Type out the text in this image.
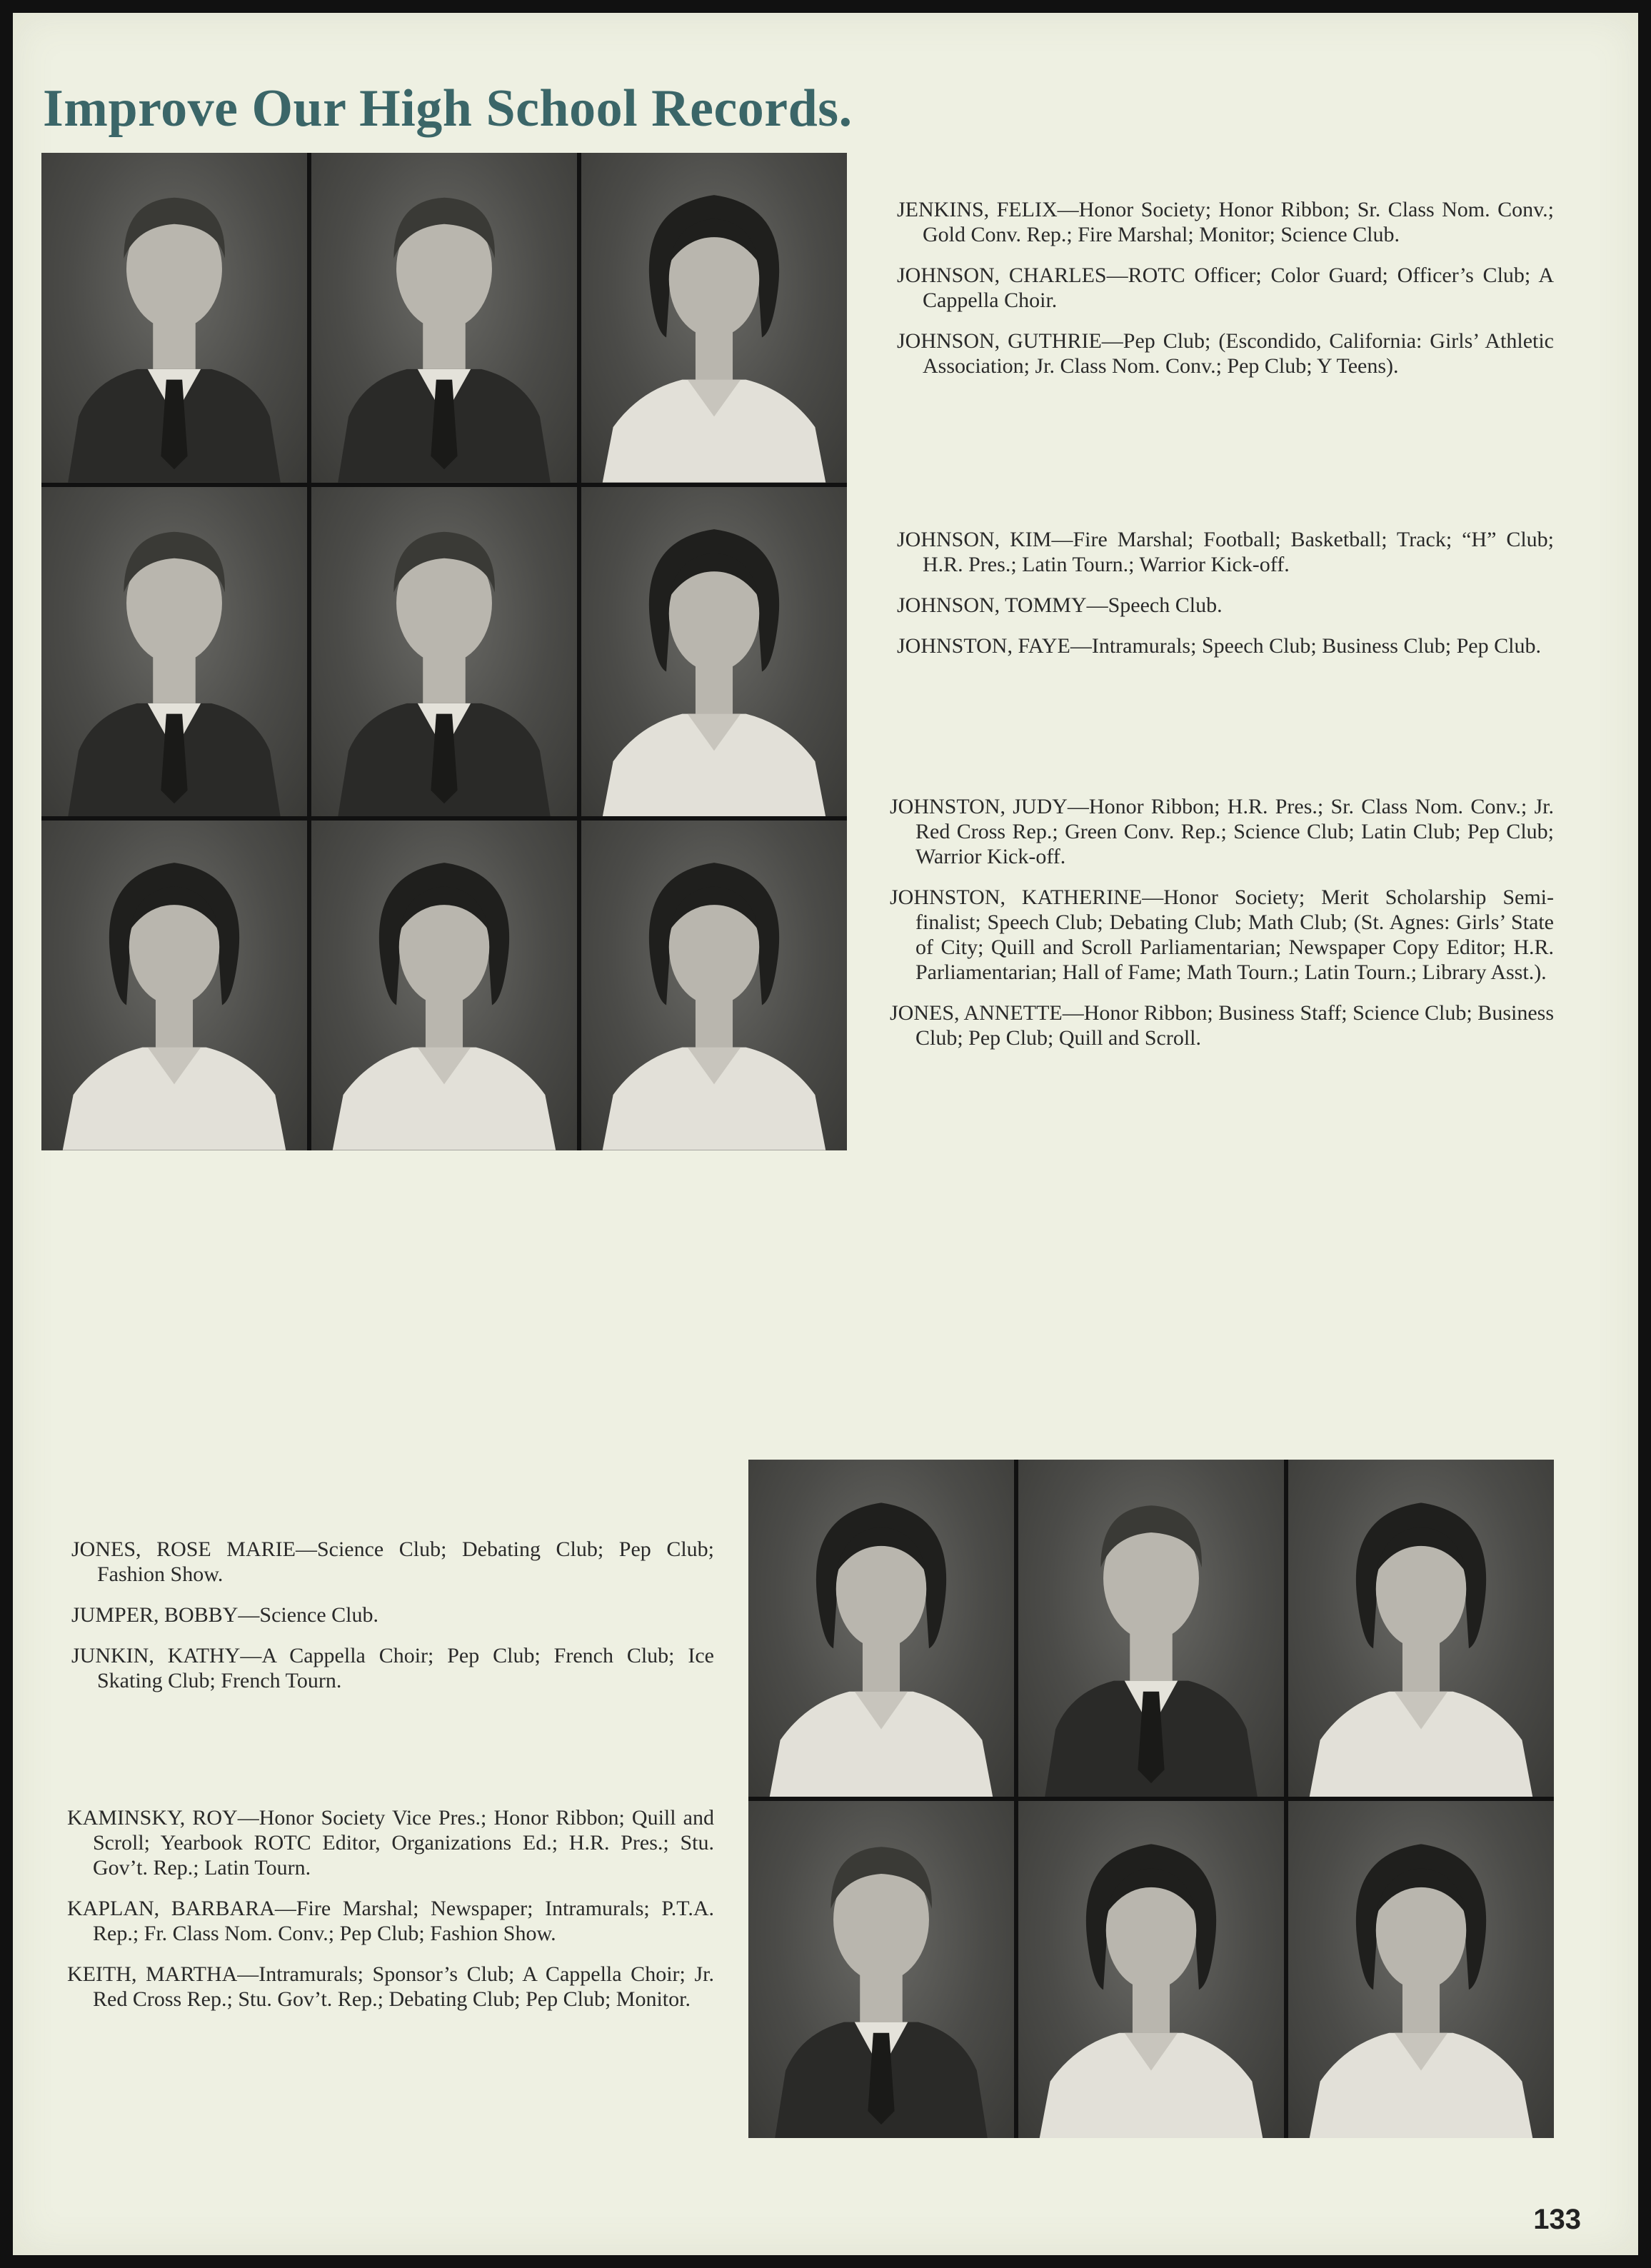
Improve Our High School Records.

JENKINS, FELIX—Honor Society; Honor Ribbon; Sr. Class Nom. Conv.; Gold Conv. Rep.; Fire Marshal; Monitor; Science Club.

JOHNSON, CHARLES—ROTC Officer; Color Guard; Officer’s Club; A Cappella Choir.

JOHNSON, GUTHRIE—Pep Club; (Escondido, California: Girls’ Athletic Association; Jr. Class Nom. Conv.; Pep Club; Y Teens).

JOHNSON, KIM—Fire Marshal; Football; Basketball; Track; “H” Club; H.R. Pres.; Latin Tourn.; Warrior Kick-off.

JOHNSON, TOMMY—Speech Club.

JOHNSTON, FAYE—Intramurals; Speech Club; Business Club; Pep Club.

JOHNSTON, JUDY—Honor Ribbon; H.R. Pres.; Sr. Class Nom. Conv.; Jr. Red Cross Rep.; Green Conv. Rep.; Science Club; Latin Club; Pep Club; Warrior Kick-off.

JOHNSTON, KATHERINE—Honor Society; Merit Scholarship Semi-finalist; Speech Club; Debating Club; Math Club; (St. Agnes: Girls’ State of City; Quill and Scroll Parliamentarian; Newspaper Copy Editor; H.R. Parliamentarian; Hall of Fame; Math Tourn.; Latin Tourn.; Library Asst.).

JONES, ANNETTE—Honor Ribbon; Business Staff; Science Club; Business Club; Pep Club; Quill and Scroll.

JONES, ROSE MARIE—Science Club; Debating Club; Pep Club; Fashion Show.

JUMPER, BOBBY—Science Club.

JUNKIN, KATHY—A Cappella Choir; Pep Club; French Club; Ice Skating Club; French Tourn.

KAMINSKY, ROY—Honor Society Vice Pres.; Honor Ribbon; Quill and Scroll; Yearbook ROTC Editor, Organizations Ed.; H.R. Pres.; Stu. Gov’t. Rep.; Latin Tourn.

KAPLAN, BARBARA—Fire Marshal; Newspaper; Intramurals; P.T.A. Rep.; Fr. Class Nom. Conv.; Pep Club; Fashion Show.

KEITH, MARTHA—Intramurals; Sponsor’s Club; A Cappella Choir; Jr. Red Cross Rep.; Stu. Gov’t. Rep.; Debating Club; Pep Club; Monitor.

133
